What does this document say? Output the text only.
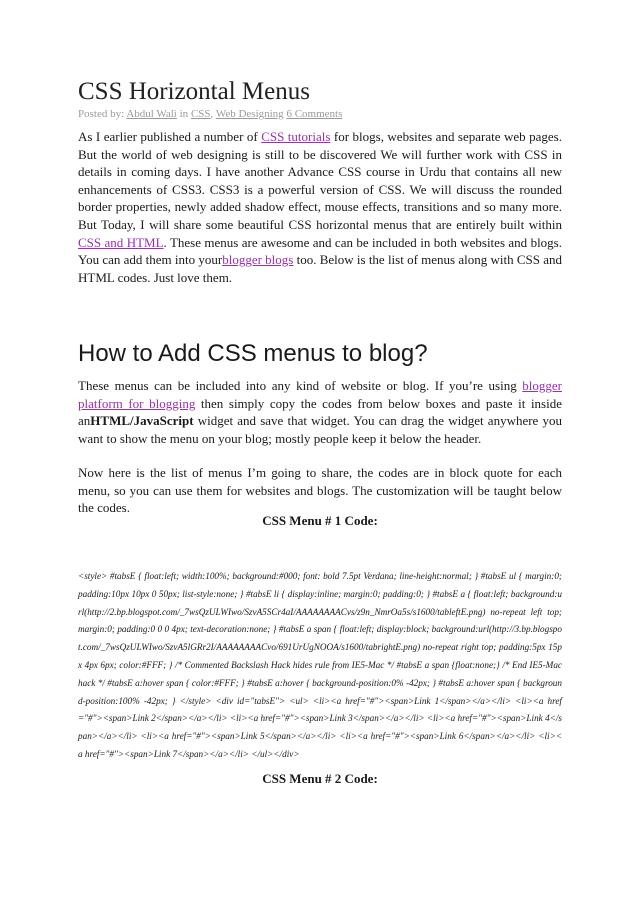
CSS Horizontal Menus
Posted by: Abdul Wali in CSS, Web Designing 6 Comments

As I earlier published a number of CSS tutorials for blogs, websites and separate web pages. But the world of web designing is still to be discovered We will further work with CSS in details in coming days. I have another Advance CSS course in Urdu that contains all new enhancements of CSS3. CSS3 is a powerful version of CSS. We will discuss the rounded border properties, newly added shadow effect, mouse effects, transitions and so many more. But Today, I will share some beautiful CSS horizontal menus that are entirely built within CSS and HTML. These menus are awesome and can be included in both websites and blogs. You can add them into yourblogger blogs too. Below is the list of menus along with CSS and HTML codes. Just love them.

How to Add CSS menus to blog?

These menus can be included into any kind of website or blog. If you’re using blogger platform for blogging then simply copy the codes from below boxes and paste it inside anHTML/JavaScript widget and save that widget. You can drag the widget anywhere you want to show the menu on your blog; mostly people keep it below the header.

Now here is the list of menus I’m going to share, the codes are in block quote for each menu, so you can use them for websites and blogs. The customization will be taught below the codes.

CSS Menu # 1 Code:

<style> #tabsE { float:left; width:100%; background:#000; font: bold 7.5pt Verdana; line-height:normal; } #tabsE ul { margin:0; padding:10px 10px 0 50px; list-style:none; } #tabsE li { display:inline; margin:0; padding:0; } #tabsE a { float:left; background:url(http://2.bp.blogspot.com/_7wsQzULWIwo/SzvA5SCr4aI/AAAAAAAACvs/z9n_NmrOa5s/s1600/tableftE.png) no-repeat left top; margin:0; padding:0 0 0 4px; text-decoration:none; } #tabsE a span { float:left; display:block; background:url(http://3.bp.blogspot.com/_7wsQzULWIwo/SzvA5lGRr2I/AAAAAAAACvo/691UrUgNOOA/s1600/tabrightE.png) no-repeat right top; padding:5px 15px 4px 6px; color:#FFF; } /* Commented Backslash Hack hides rule from IE5-Mac */ #tabsE a span {float:none;} /* End IE5-Mac hack */ #tabsE a:hover span { color:#FFF; } #tabsE a:hover { background-position:0% -42px; } #tabsE a:hover span { background-position:100% -42px; } </style> <div id="tabsE"> <ul> <li><a href="#"><span>Link 1</span></a></li> <li><a href="#"><span>Link 2</span></a></li> <li><a href="#"><span>Link 3</span></a></li> <li><a href="#"><span>Link 4</span></a></li> <li><a href="#"><span>Link 5</span></a></li> <li><a href="#"><span>Link 6</span></a></li> <li><a href="#"><span>Link 7</span></a></li> </ul></div>

CSS Menu # 2 Code:
